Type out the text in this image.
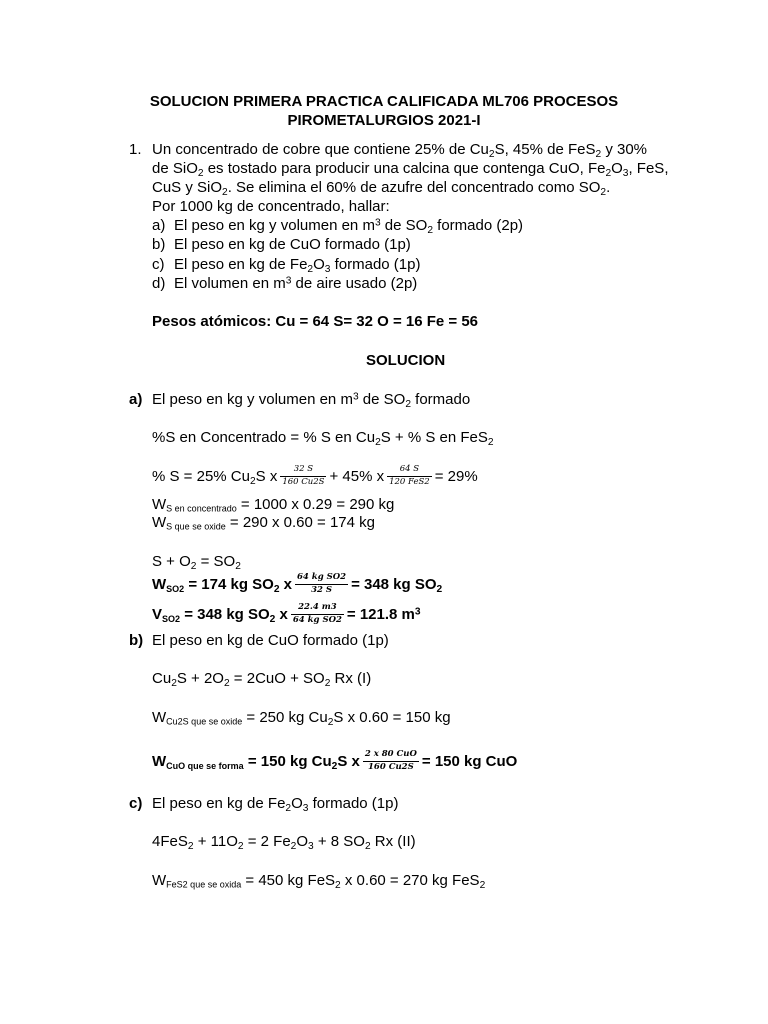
SOLUCION PRIMERA PRACTICA CALIFICADA ML706 PROCESOS
PIROMETALURGIOS 2021-I
1. Un concentrado de cobre que contiene 25% de $Cu_2S$, 45% de FeS$_2$ y 30%
de SiO$_2$ es tostado para producir una calcina que contenga CuO, $Fe_2O_3$, FeS,
CuS y SiO$_2$. Se elimina el 60% de azufre del concentrado como $SO_2$.
Por 1000 kg de concentrado, hallar:
a) El peso en kg y volumen en $m^3$ de $SO_2$ formado (2p)
b) El peso en kg de CuO formado (1p)
c) El peso en kg de $Fe_2O_3$ formado (1p)
d) El volumen en $m^3$ de aire usado (2p)
Pesos atómicos: Cu = 64 S= 32 O = 16 Fe = 56
SOLUCION
a) El peso en kg y volumen en $m^3$ de $SO_2$ formado
%S en Concentrado = % S en $Cu_2S$ + % S en FeS$_2$
% S = 25% $Cu_2S$ x $\frac{32 S}{160 Cu2S} + 45\%$ x $\frac{64 S}{\text{120 FeS2}} = 29\%$
$W_{S en concentrado} = 1000$ x 0.29 = 290 kg
$W_{S que se oxide} = 290$ x 0.60 = 174 kg
$S + O_2 = SO_2$
$W_{SO2} = 174$ kg $SO_2$ x $\frac{\text{64 kg SO2}}{32 S} = 348$ kg $SO_2$
$V_{SO2} = 348$ kg $SO_2$ x $\frac{22.4 m3}{\text{64 kg SO2}} = 121.8$ $m^3$
b) El peso en kg de CuO formado (1p)
$Cu_2S + 2O_2 = 2CuO + SO_2$ Rx (I)
$W_{Cu2S que se oxide} = 250$ kg $Cu_2S$ x 0.60 = 150 kg
$W_{CuO que se forma} = 150$ kg $Cu_2S$ x $\frac{\text{2 x 80 CuO}}{160 Cu2S} = 150$ kg CuO
c) El peso en kg de $Fe_2O_3$ formado (1p)
$4FeS_2 + 11O_2 = 2$ $Fe_2O_3 + 8$ $SO_2$ Rx (II)
$W_{FeS2 que se oxida} = 450$ kg FeS$_2$ x 0.60 = 270 kg FeS$_2$
